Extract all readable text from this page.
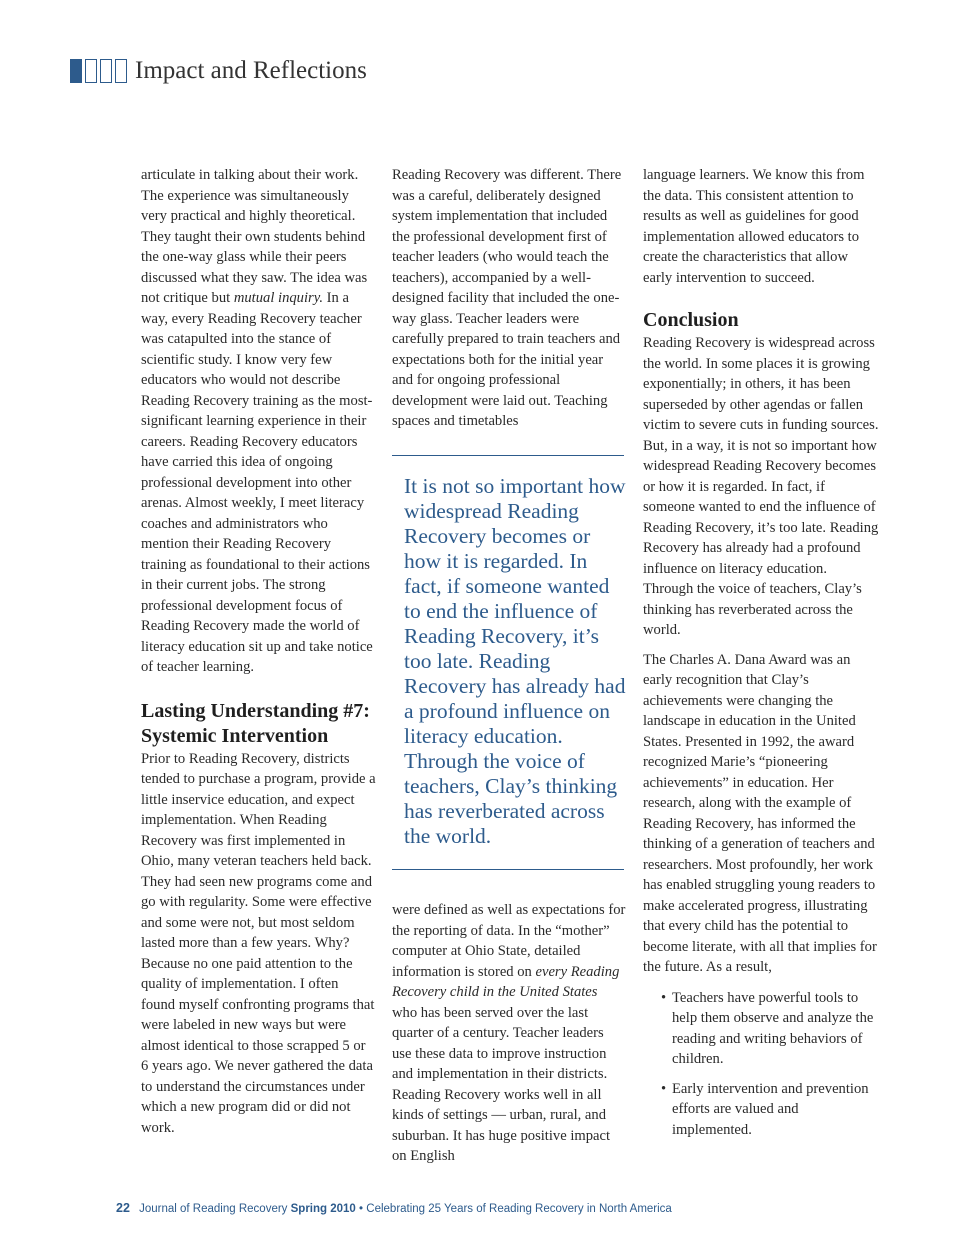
Impact and Reflections

articulate in talking about their work. The experience was simultaneously very practical and highly theoretical. They taught their own students behind the one-way glass while their peers discussed what they saw. The idea was not critique but mutual inquiry. In a way, every Reading Recovery teacher was catapulted into the stance of scientific study. I know very few educators who would not describe Reading Recovery training as the most-significant learning experience in their careers. Reading Recovery educators have carried this idea of ongoing professional development into other arenas. Almost weekly, I meet literacy coaches and administrators who mention their Reading Recovery training as foundational to their actions in their current jobs. The strong professional development focus of Reading Recovery made the world of literacy education sit up and take notice of teacher learning.

Lasting Understanding #7:
Systemic Intervention

Prior to Reading Recovery, districts tended to purchase a program, provide a little inservice education, and expect implementation. When Reading Recovery was first implemented in Ohio, many veteran teachers held back. They had seen new programs come and go with regularity. Some were effective and some were not, but most seldom lasted more than a few years. Why? Because no one paid attention to the quality of implementation. I often found myself confronting programs that were labeled in new ways but were almost identical to those scrapped 5 or 6 years ago. We never gathered the data to understand the circumstances under which a new program did or did not work.

Reading Recovery was different. There was a careful, deliberately designed system implementation that included the professional development first of teacher leaders (who would teach the teachers), accompanied by a well-designed facility that included the one-way glass. Teacher leaders were carefully prepared to train teachers and expectations both for the initial year and for ongoing professional development were laid out. Teaching spaces and timetables

It is not so important how widespread Reading Recovery becomes or how it is regarded. In fact, if someone wanted to end the influence of Reading Recovery, it’s too late. Reading Recovery has already had a profound influence on literacy education. Through the voice of teachers, Clay’s thinking has reverberated across the world.

were defined as well as expectations for the reporting of data. In the “mother” computer at Ohio State, detailed information is stored on every Reading Recovery child in the United States who has been served over the last quarter of a century. Teacher leaders use these data to improve instruction and implementation in their districts. Reading Recovery works well in all kinds of settings — urban, rural, and suburban. It has huge positive impact on English

language learners. We know this from the data. This consistent attention to results as well as guidelines for good implementation allowed educators to create the characteristics that allow early intervention to succeed.

Conclusion

Reading Recovery is widespread across the world. In some places it is growing exponentially; in others, it has been superseded by other agendas or fallen victim to severe cuts in funding sources. But, in a way, it is not so important how widespread Reading Recovery becomes or how it is regarded. In fact, if someone wanted to end the influence of Reading Recovery, it’s too late. Reading Recovery has already had a profound influence on literacy education. Through the voice of teachers, Clay’s thinking has reverberated across the world.

The Charles A. Dana Award was an early recognition that Clay’s achievements were changing the landscape in education in the United States. Presented in 1992, the award recognized Marie’s “pioneering achievements” in education. Her research, along with the example of Reading Recovery, has informed the thinking of a generation of teachers and researchers. Most profoundly, her work has enabled struggling young readers to make accelerated progress, illustrating that every child has the potential to become literate, with all that implies for the future. As a result,

• Teachers have powerful tools to help them observe and analyze the reading and writing behaviors of children.
• Early intervention and prevention efforts are valued and implemented.
22 Journal of Reading Recovery Spring 2010 • Celebrating 25 Years of Reading Recovery in North America
